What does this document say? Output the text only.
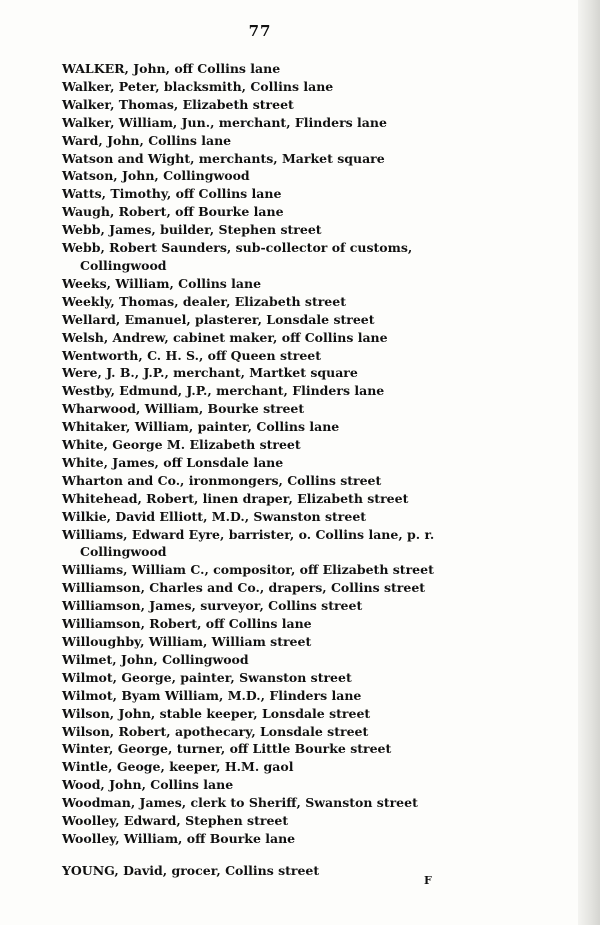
77
WALKER, John, off Collins lane
Walker, Peter, blacksmith, Collins lane
Walker, Thomas, Elizabeth street
Walker, William, Jun., merchant, Flinders lane
Ward, John, Collins lane
Watson and Wight, merchants, Market square
Watson, John, Collingwood
Watts, Timothy, off Collins lane
Waugh, Robert, off Bourke lane
Webb, James, builder, Stephen street
Webb, Robert Saunders, sub-collector of customs,
Collingwood
Weeks, William, Collins lane
Weekly, Thomas, dealer, Elizabeth street
Wellard, Emanuel, plasterer, Lonsdale street
Welsh, Andrew, cabinet maker, off Collins lane
Wentworth, C. H. S., off Queen street
Were, J. B., J.P., merchant, Martket square
Westby, Edmund, J.P., merchant, Flinders lane
Wharwood, William, Bourke street
Whitaker, William, painter, Collins lane
White, George M. Elizabeth street
White, James, off Lonsdale lane
Wharton and Co., ironmongers, Collins street
Whitehead, Robert, linen draper, Elizabeth street
Wilkie, David Elliott, M.D., Swanston street
Williams, Edward Eyre, barrister, o. Collins lane, p. r.
Collingwood
Williams, William C., compositor, off Elizabeth street
Williamson, Charles and Co., drapers, Collins street
Williamson, James, surveyor, Collins street
Williamson, Robert, off Collins lane
Willoughby, William, William street
Wilmet, John, Collingwood
Wilmot, George, painter, Swanston street
Wilmot, Byam William, M.D., Flinders lane
Wilson, John, stable keeper, Lonsdale street
Wilson, Robert, apothecary, Lonsdale street
Winter, George, turner, off Little Bourke street
Wintle, Geoge, keeper, H.M. gaol
Wood, John, Collins lane
Woodman, James, clerk to Sheriff, Swanston street
Woolley, Edward, Stephen street
Woolley, William, off Bourke lane
YOUNG, David, grocer, Collins street
F
